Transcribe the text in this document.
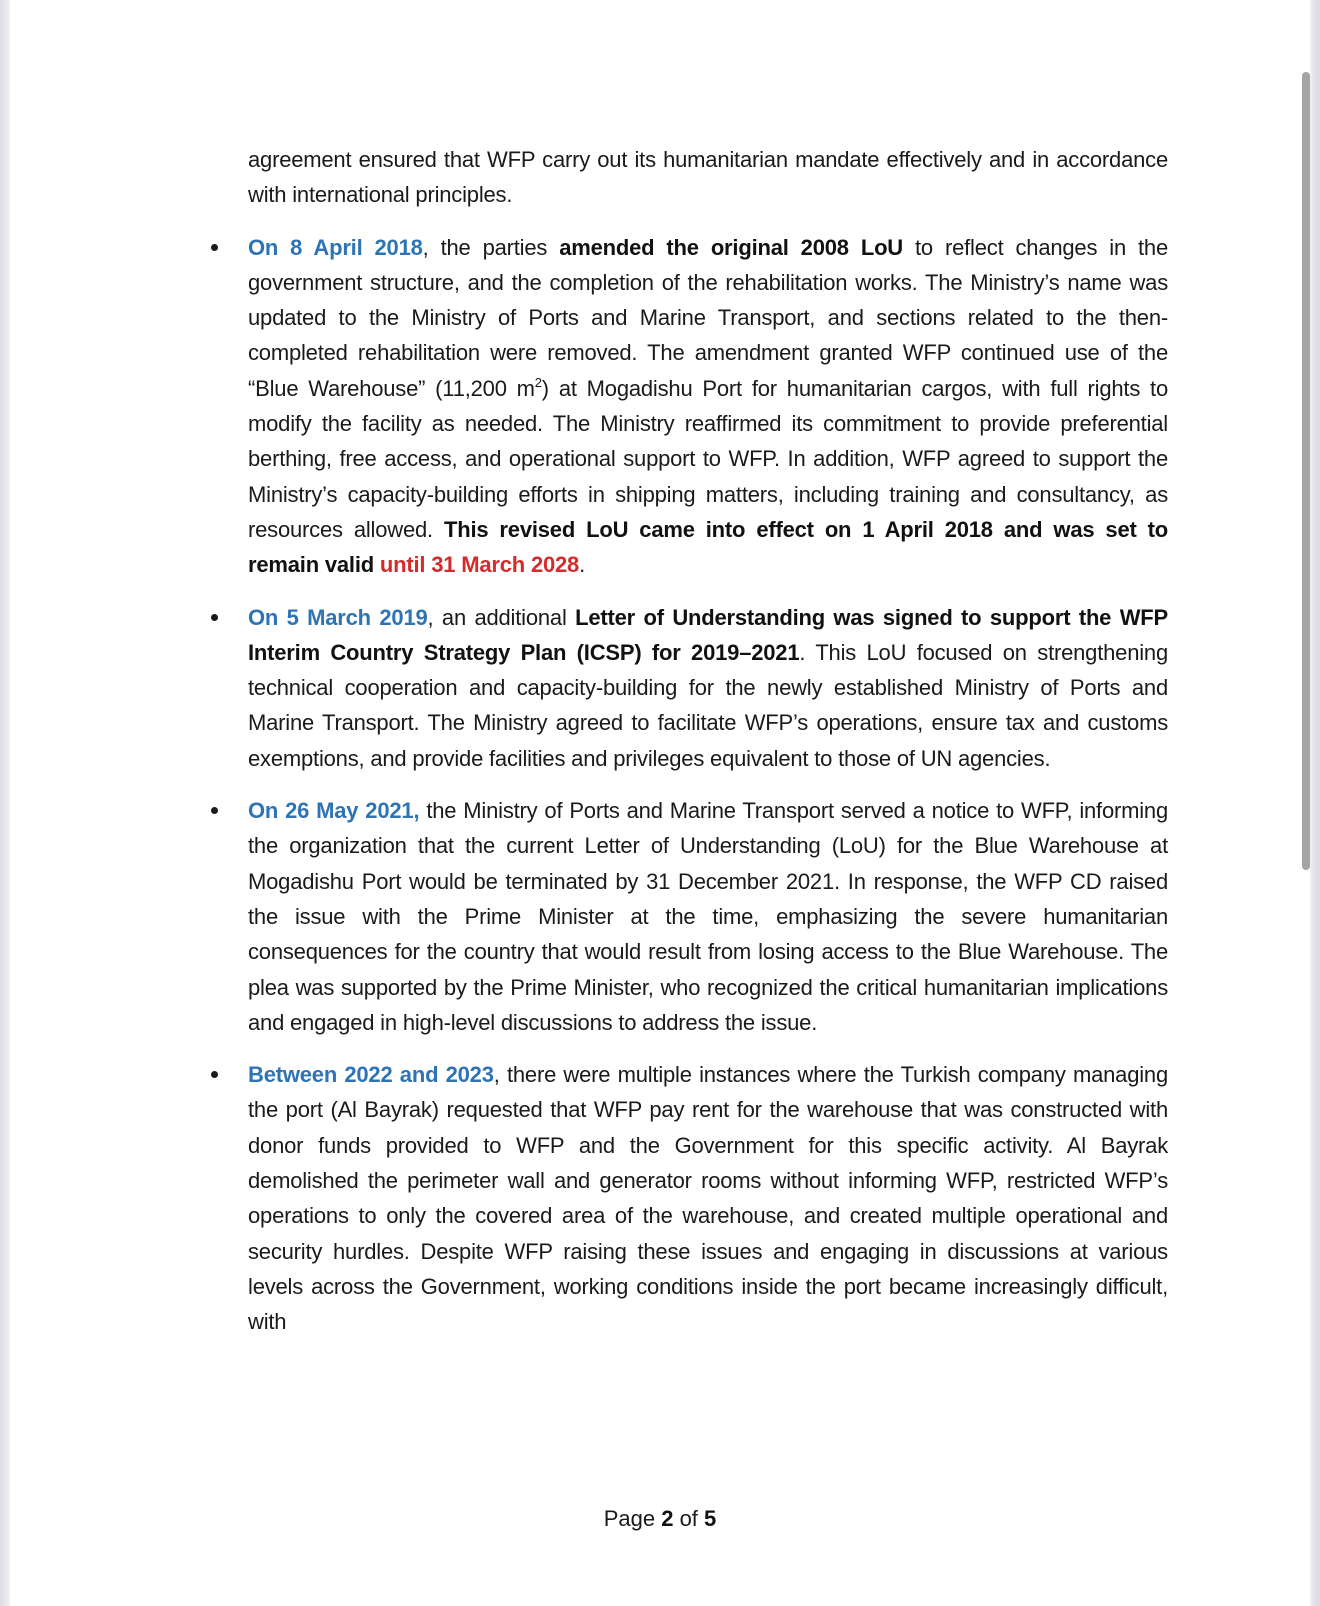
agreement ensured that WFP carry out its humanitarian mandate effectively and in accordance with international principles.

On 8 April 2018, the parties amended the original 2008 LoU to reflect changes in the government structure, and the completion of the rehabilitation works. The Ministry’s name was updated to the Ministry of Ports and Marine Transport, and sections related to the then-completed rehabilitation were removed. The amendment granted WFP continued use of the “Blue Warehouse” (11,200 $m^2$) at Mogadishu Port for humanitarian cargos, with full rights to modify the facility as needed. The Ministry reaffirmed its commitment to provide preferential berthing, free access, and operational support to WFP. In addition, WFP agreed to support the Ministry’s capacity-building efforts in shipping matters, including training and consultancy, as resources allowed. This revised LoU came into effect on 1 April 2018 and was set to remain valid until 31 March 2028.
On 5 March 2019, an additional Letter of Understanding was signed to support the WFP Interim Country Strategy Plan (ICSP) for 2019–2021. This LoU focused on strengthening technical cooperation and capacity-building for the newly established Ministry of Ports and Marine Transport. The Ministry agreed to facilitate WFP’s operations, ensure tax and customs exemptions, and provide facilities and privileges equivalent to those of UN agencies.
On 26 May 2021, the Ministry of Ports and Marine Transport served a notice to WFP, informing the organization that the current Letter of Understanding (LoU) for the Blue Warehouse at Mogadishu Port would be terminated by 31 December 2021. In response, the WFP CD raised the issue with the Prime Minister at the time, emphasizing the severe humanitarian consequences for the country that would result from losing access to the Blue Warehouse. The plea was supported by the Prime Minister, who recognized the critical humanitarian implications and engaged in high-level discussions to address the issue.
Between 2022 and 2023, there were multiple instances where the Turkish company managing the port (Al Bayrak) requested that WFP pay rent for the warehouse that was constructed with donor funds provided to WFP and the Government for this specific activity. Al Bayrak demolished the perimeter wall and generator rooms without informing WFP, restricted WFP’s operations to only the covered area of the warehouse, and created multiple operational and security hurdles. Despite WFP raising these issues and engaging in discussions at various levels across the Government, working conditions inside the port became increasingly difficult, with
Page 2 of 5
